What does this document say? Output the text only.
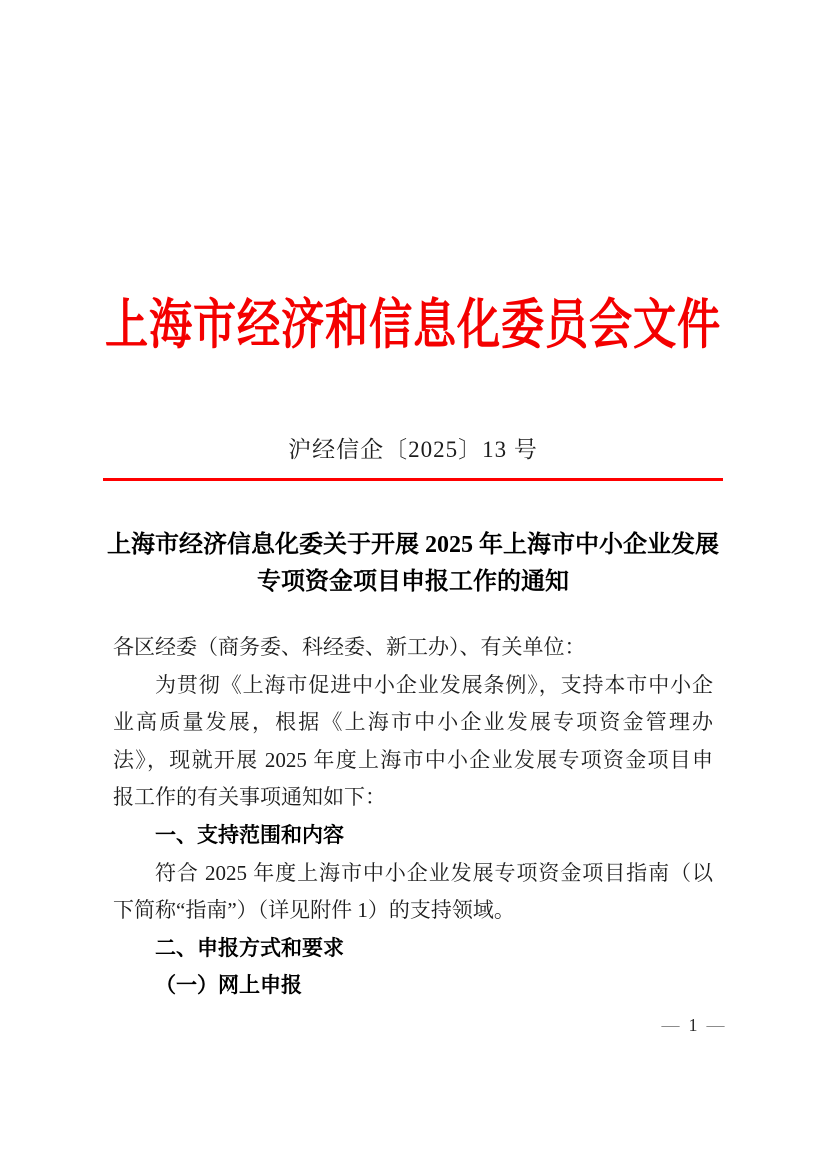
上海市经济和信息化委员会文件
沪经信企〔2025〕13 号
上海市经济信息化委关于开展 2025 年上海市中小企业发展
专项资金项目申报工作的通知
各区经委（商务委、科经委、新工办）、有关单位：
为贯彻《上海市促进中小企业发展条例》，支持本市中小企
业高质量发展，根据《上海市中小企业发展专项资金管理办
法》，现就开展 2025 年度上海市中小企业发展专项资金项目申
报工作的有关事项通知如下：
一、支持范围和内容
符合 2025 年度上海市中小企业发展专项资金项目指南（以
下简称“指南”）（详见附件 1）的支持领域。
二、申报方式和要求
（一）网上申报
— 1 —
